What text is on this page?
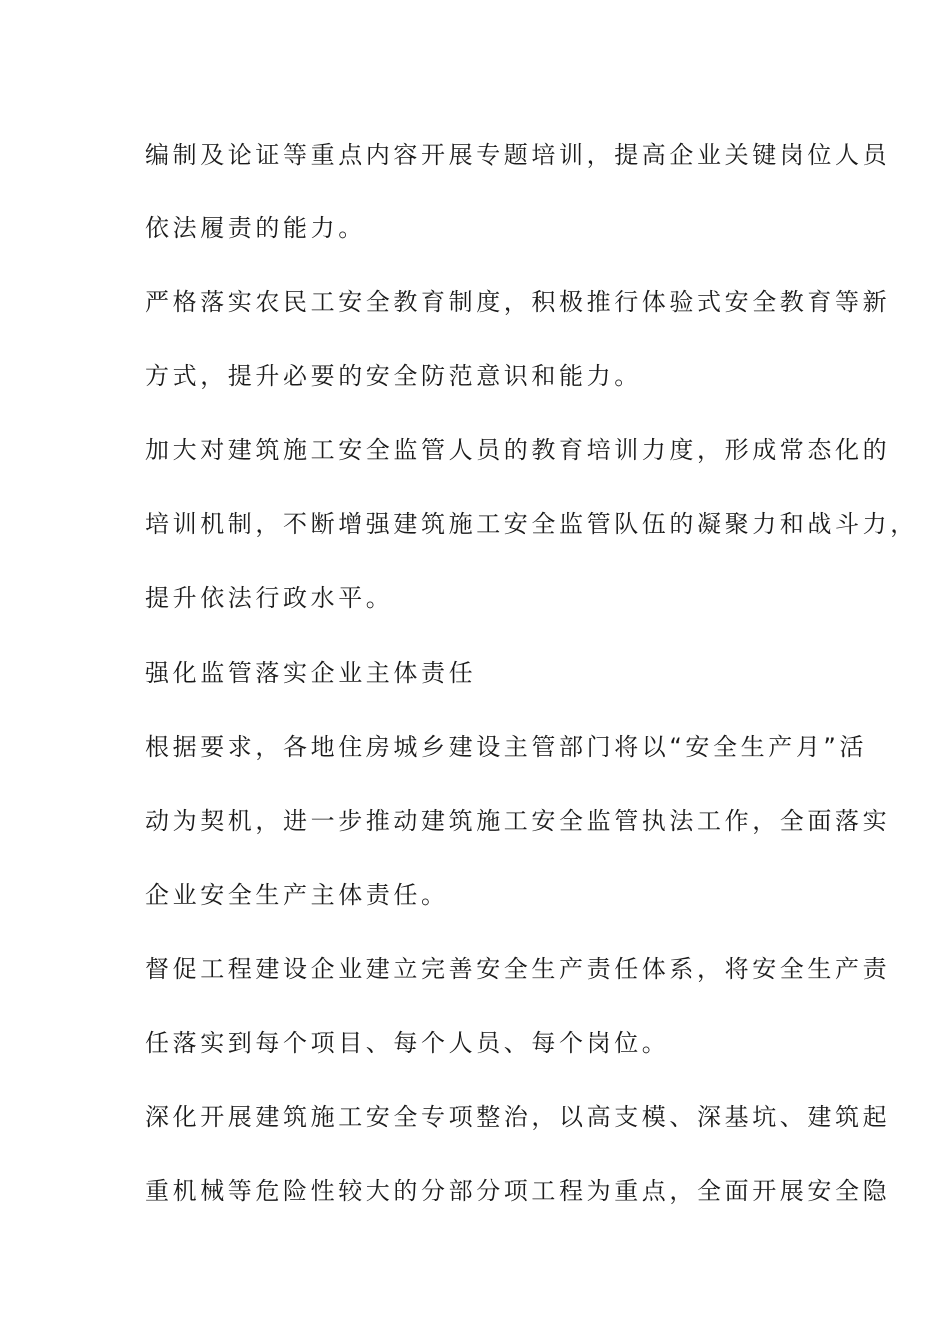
编制及论证等重点内容开展专题培训，提高企业关键岗位人员
依法履责的能力。
严格落实农民工安全教育制度，积极推行体验式安全教育等新
方式，提升必要的安全防范意识和能力。
加大对建筑施工安全监管人员的教育培训力度，形成常态化的
培训机制，不断增强建筑施工安全监管队伍的凝聚力和战斗力，
提升依法行政水平。
强化监管落实企业主体责任
根据要求，各地住房城乡建设主管部门将以“安全生产月”活
动为契机，进一步推动建筑施工安全监管执法工作，全面落实
企业安全生产主体责任。
督促工程建设企业建立完善安全生产责任体系，将安全生产责
任落实到每个项目、每个人员、每个岗位。
深化开展建筑施工安全专项整治，以高支模、深基坑、建筑起
重机械等危险性较大的分部分项工程为重点，全面开展安全隐
